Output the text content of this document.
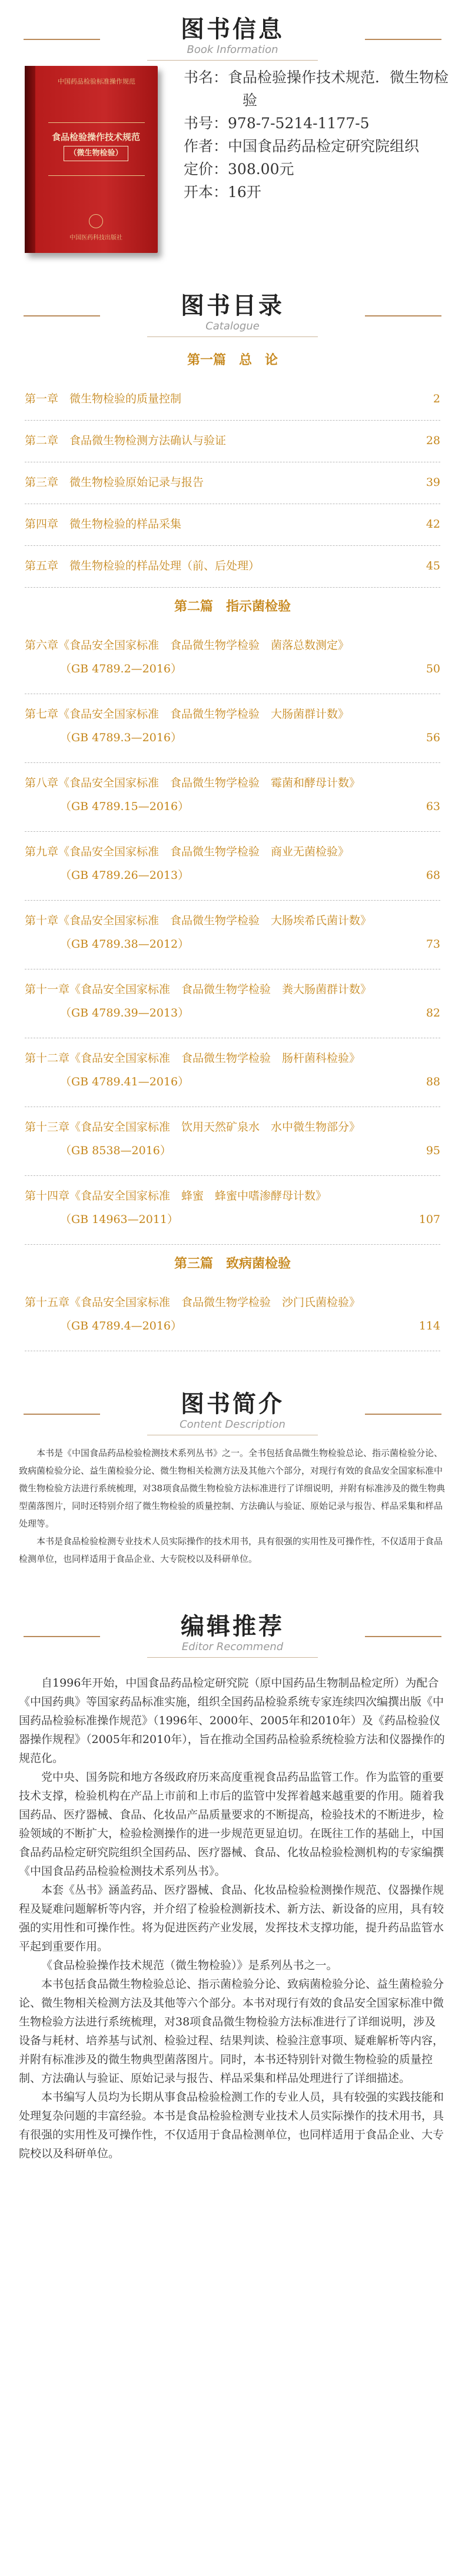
图书信息
Book Information
中国药品检验标准操作规范
食品检验操作技术规范
（微生物检验）
中国医药科技出版社

书名：食品检验操作技术规范．微生物检验

书号：978-7-5214-1177-5

作者：中国食品药品检定研究院组织

定价：308.00元

开本：16开

图书目录
Catalogue
第一篇　总　论
第一章　微生物检验的质量控制	2
第二章　食品微生物检测方法确认与验证	28
第三章　微生物检验原始记录与报告	39
第四章　微生物检验的样品采集	42
第五章　微生物检验的样品处理（前、后处理）	45
第二篇　指示菌检验
第六章《食品安全国家标准　食品微生物学检验　菌落总数测定》
（GB 4789.2—2016）	50
第七章《食品安全国家标准　食品微生物学检验　大肠菌群计数》
（GB 4789.3—2016）	56
第八章《食品安全国家标准　食品微生物学检验　霉菌和酵母计数》
（GB 4789.15—2016）	63
第九章《食品安全国家标准　食品微生物学检验　商业无菌检验》
（GB 4789.26—2013）	68
第十章《食品安全国家标准　食品微生物学检验　大肠埃希氏菌计数》
（GB 4789.38—2012）	73
第十一章《食品安全国家标准　食品微生物学检验　粪大肠菌群计数》
（GB 4789.39—2013）	82
第十二章《食品安全国家标准　食品微生物学检验　肠杆菌科检验》
（GB 4789.41—2016）	88
第十三章《食品安全国家标准　饮用天然矿泉水　水中微生物部分》
（GB 8538—2016）	95
第十四章《食品安全国家标准　蜂蜜　蜂蜜中嗜渗酵母计数》
（GB 14963—2011）	107
第三篇　致病菌检验
第十五章《食品安全国家标准　食品微生物学检验　沙门氏菌检验》
（GB 4789.4—2016）	114
图书简介
Content Description

本书是《中国食品药品检验检测技术系列丛书》之一。全书包括食品微生物检验总论、指示菌检验分论、致病菌检验分论、益生菌检验分论、微生物相关检测方法及其他六个部分，对现行有效的食品安全国家标准中微生物检验方法进行系统梳理，对38项食品微生物检验方法标准进行了详细说明，并附有标准涉及的微生物典型菌落图片，同时还特别介绍了微生物检验的质量控制、方法确认与验证、原始记录与报告、样品采集和样品处理等。

本书是食品检验检测专业技术人员实际操作的技术用书，具有很强的实用性及可操作性，不仅适用于食品检测单位，也同样适用于食品企业、大专院校以及科研单位。

编辑推荐
Editor Recommend

自1996年开始，中国食品药品检定研究院（原中国药品生物制品检定所）为配合《中国药典》等国家药品标准实施，组织全国药品检验系统专家连续四次编撰出版《中国药品检验标准操作规范》（1996年、2000年、2005年和2010年）及《药品检验仪器操作规程》（2005年和2010年），旨在推动全国药品检验系统检验方法和仪器操作的规范化。

党中央、国务院和地方各级政府历来高度重视食品药品监管工作。作为监管的重要技术支撑，检验机构在产品上市前和上市后的监管中发挥着越来越重要的作用。随着我国药品、医疗器械、食品、化妆品产品质量要求的不断提高，检验技术的不断进步，检验领域的不断扩大，检验检测操作的进一步规范更显迫切。在既往工作的基础上，中国食品药品检定研究院组织全国药品、医疗器械、食品、化妆品检验检测机构的专家编撰《中国食品药品检验检测技术系列丛书》。

本套《丛书》涵盖药品、医疗器械、食品、化妆品检验检测操作规范、仪器操作规程及疑难问题解析等内容，并介绍了检验检测新技术、新方法、新设备的应用，具有较强的实用性和可操作性。将为促进医药产业发展，发挥技术支撑功能，提升药品监管水平起到重要作用。

《食品检验操作技术规范（微生物检验）》是系列丛书之一。

本书包括食品微生物检验总论、指示菌检验分论、致病菌检验分论、益生菌检验分论、微生物相关检测方法及其他等六个部分。本书对现行有效的食品安全国家标准中微生物检验方法进行系统梳理，对38项食品微生物检验方法标准进行了详细说明，涉及设备与耗材、培养基与试剂、检验过程、结果判读、检验注意事项、疑难解析等内容，并附有标准涉及的微生物典型菌落图片。同时，本书还特别针对微生物检验的质量控制、方法确认与验证、原始记录与报告、样品采集和样品处理进行了详细描述。

本书编写人员均为长期从事食品检验检测工作的专业人员，具有较强的实践技能和处理复杂问题的丰富经验。本书是食品检验检测专业技术人员实际操作的技术用书，具有很强的实用性及可操作性，不仅适用于食品检测单位，也同样适用于食品企业、大专院校以及科研单位。
